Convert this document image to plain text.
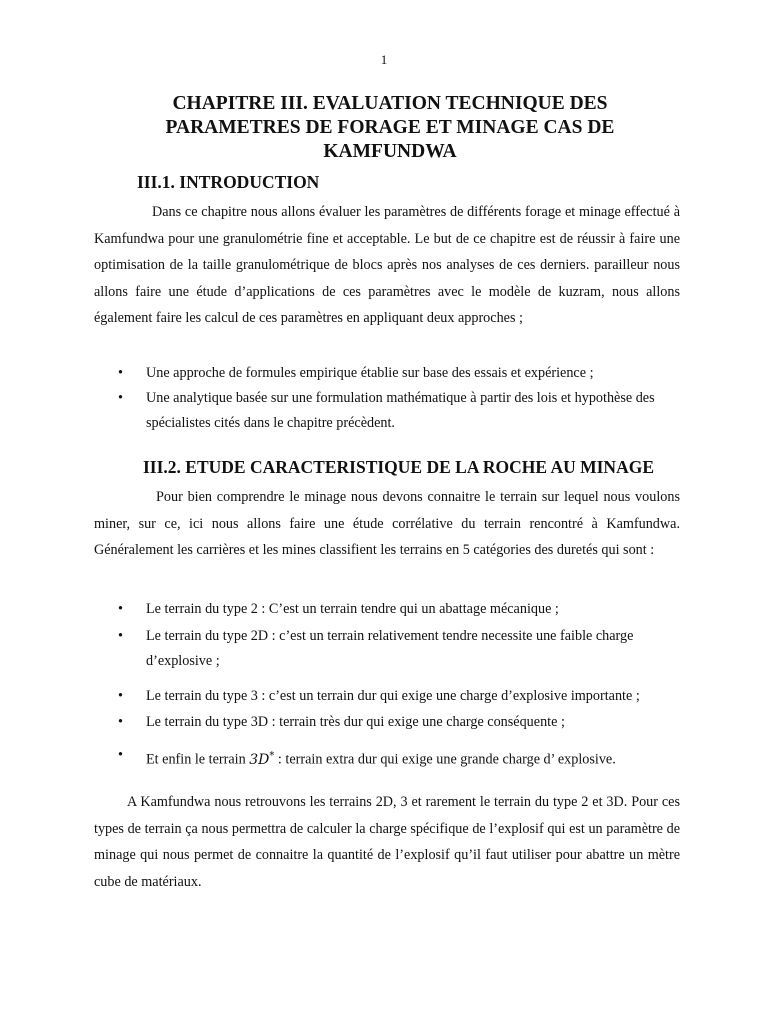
1
CHAPITRE III. EVALUATION TECHNIQUE DES PARAMETRES DE FORAGE ET MINAGE CAS DE KAMFUNDWA
III.1. INTRODUCTION

Dans ce chapitre nous allons évaluer les paramètres de différents forage et minage effectué à Kamfundwa pour une granulométrie fine et acceptable. Le but de ce chapitre est de réussir à faire une optimisation de la taille granulométrique de blocs après nos analyses de ces derniers. parailleur nous allons faire une étude d’applications de ces paramètres avec le modèle de kuzram, nous allons également faire les calcul de ces paramètres en appliquant deux approches ;

•	Une approche de formules empirique établie sur base des essais et expérience ;
•	Une analytique basée sur une formulation mathématique à partir des lois et hypothèse des spécialistes cités dans le chapitre précèdent.
III.2. ETUDE CARACTERISTIQUE DE LA ROCHE AU MINAGE

Pour bien comprendre le minage nous devons connaitre le terrain sur lequel nous voulons miner, sur ce, ici nous allons faire une étude corrélative du terrain rencontré à Kamfundwa. Généralement les carrières et les mines classifient les terrains en 5 catégories des duretés qui sont :

•	Le terrain du type 2 : C’est un terrain tendre qui un abattage mécanique ;
•	Le terrain du type 2D : c’est un terrain relativement tendre necessite une faible charge d’explosive ;
•	Le terrain du type 3 : c’est un terrain dur qui exige une charge d’explosive importante ;
•	Le terrain du type 3D : terrain très dur qui exige une charge conséquente ;
•	Et enfin le terrain 3D* : terrain extra dur qui exige une grande charge d’ explosive.

A Kamfundwa nous retrouvons les terrains 2D, 3 et rarement le terrain du type 2 et 3D. Pour ces types de terrain ça nous permettra de calculer la charge spécifique de l’explosif qui est un paramètre de minage qui nous permet de connaitre la quantité de l’explosif qu’il faut utiliser pour abattre un mètre cube de matériaux.
